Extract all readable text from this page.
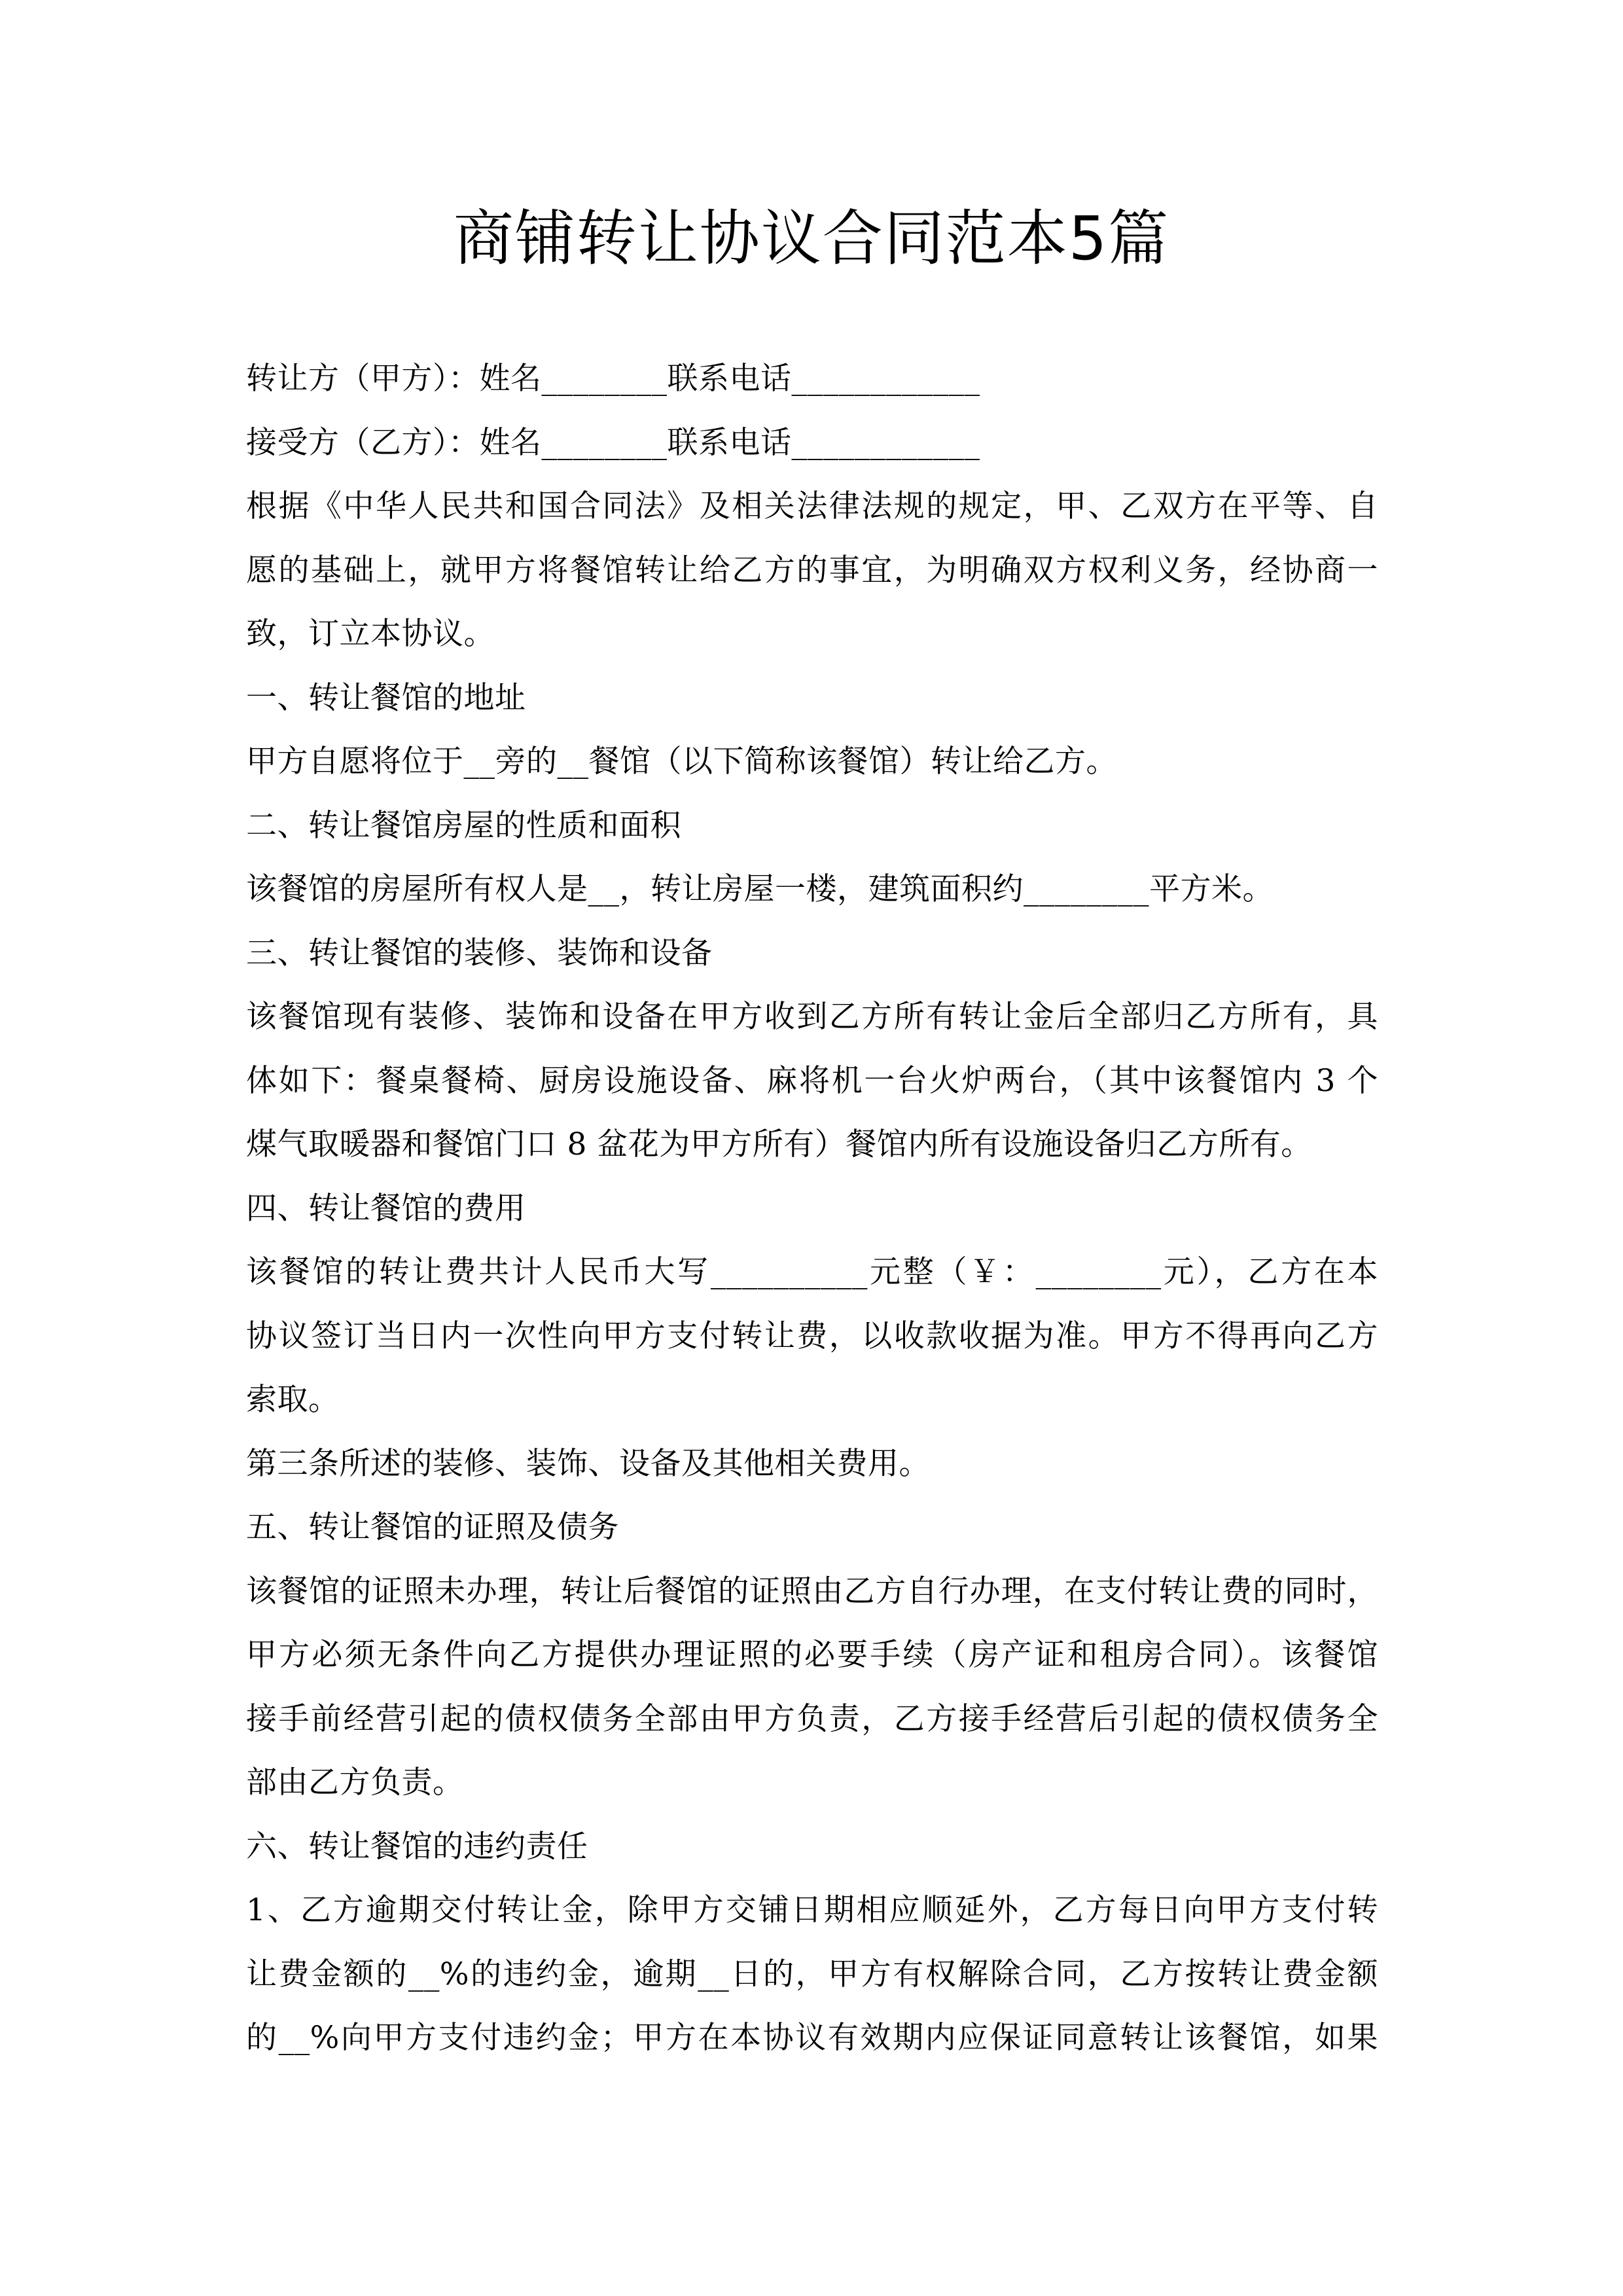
商铺转让协议合同范本5篇
转让方（甲方）：姓名________联系电话____________
接受方（乙方）：姓名________联系电话____________
根据《中华人民共和国合同法》及相关法律法规的规定，甲、乙双方在平等、自
愿的基础上，就甲方将餐馆转让给乙方的事宜，为明确双方权利义务，经协商一
致，订立本协议。
一、转让餐馆的地址
甲方自愿将位于__旁的__餐馆（以下简称该餐馆）转让给乙方。
二、转让餐馆房屋的性质和面积
该餐馆的房屋所有权人是__，转让房屋一楼，建筑面积约________平方米。
三、转让餐馆的装修、装饰和设备
该餐馆现有装修、装饰和设备在甲方收到乙方所有转让金后全部归乙方所有，具
体如下：餐桌餐椅、厨房设施设备、麻将机一台火炉两台，（其中该餐馆内 3 个
煤气取暖器和餐馆门口 8 盆花为甲方所有）餐馆内所有设施设备归乙方所有。
四、转让餐馆的费用
该餐馆的转让费共计人民币大写__________元整（￥：________元），乙方在本
协议签订当日内一次性向甲方支付转让费，以收款收据为准。甲方不得再向乙方
索取。
第三条所述的装修、装饰、设备及其他相关费用。
五、转让餐馆的证照及债务
该餐馆的证照未办理，转让后餐馆的证照由乙方自行办理，在支付转让费的同时，
甲方必须无条件向乙方提供办理证照的必要手续（房产证和租房合同）。该餐馆
接手前经营引起的债权债务全部由甲方负责，乙方接手经营后引起的债权债务全
部由乙方负责。
六、转让餐馆的违约责任
1、乙方逾期交付转让金，除甲方交铺日期相应顺延外，乙方每日向甲方支付转
让费金额的__%的违约金，逾期__日的，甲方有权解除合同，乙方按转让费金额
的__%向甲方支付违约金；甲方在本协议有效期内应保证同意转让该餐馆，如果
